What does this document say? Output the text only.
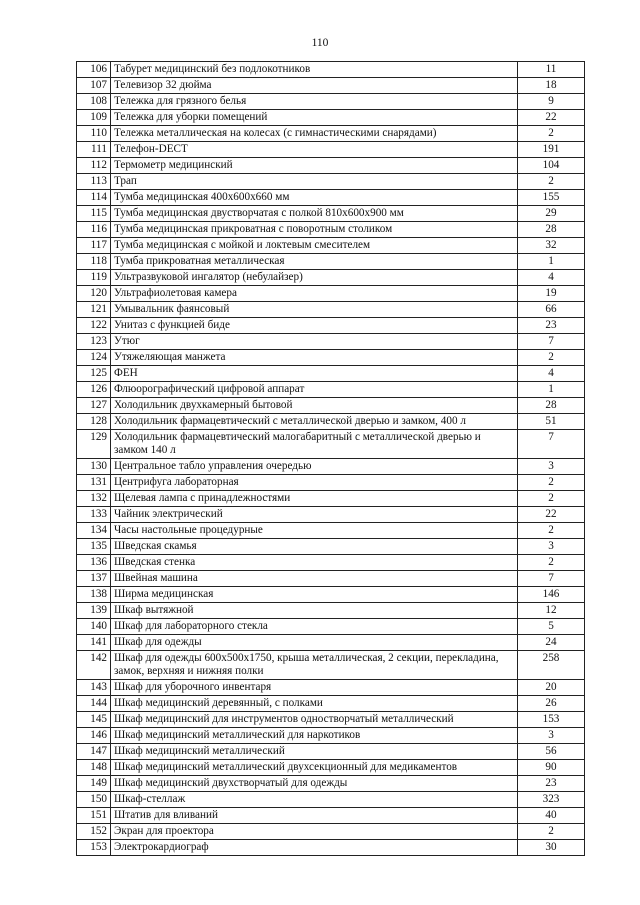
110
106	Табурет медицинский без подлокотников	11
107	Телевизор 32 дюйма	18
108	Тележка для грязного белья	9
109	Тележка для уборки помещений	22
110	Тележка металлическая на колесах (с гимнастическими снарядами)	2
111	Телефон-DECT	191
112	Термометр медицинский	104
113	Трап	2
114	Тумба медицинская 400х600х660 мм	155
115	Тумба медицинская двустворчатая с полкой 810х600х900 мм	29
116	Тумба медицинская прикроватная с поворотным столиком	28
117	Тумба медицинская с мойкой и локтевым смесителем	32
118	Тумба прикроватная металлическая	1
119	Ультразвуковой ингалятор (небулайзер)	4
120	Ультрафиолетовая камера	19
121	Умывальник фаянсовый	66
122	Унитаз с функцией биде	23
123	Утюг	7
124	Утяжеляющая манжета	2
125	ФЕН	4
126	Флюорографический цифровой аппарат	1
127	Холодильник двухкамерный бытовой	28
128	Холодильник фармацевтический с металлической дверью и замком, 400 л	51
129	Холодильник фармацевтический малогабаритный с металлической дверью и замком 140 л	7
130	Центральное табло управления очередью	3
131	Центрифуга лабораторная	2
132	Щелевая лампа с принадлежностями	2
133	Чайник электрический	22
134	Часы настольные процедурные	2
135	Шведская скамья	3
136	Шведская стенка	2
137	Швейная машина	7
138	Ширма медицинская	146
139	Шкаф вытяжной	12
140	Шкаф для лабораторного стекла	5
141	Шкаф для одежды	24
142	Шкаф для одежды 600х500х1750, крыша металлическая, 2 секции, перекладина, замок, верхняя и нижняя полки	258
143	Шкаф для уборочного инвентаря	20
144	Шкаф медицинский деревянный, с полками	26
145	Шкаф медицинский для инструментов одностворчатый металлический	153
146	Шкаф медицинский металлический для наркотиков	3
147	Шкаф медицинский металлический	56
148	Шкаф медицинский металлический двухсекционный для медикаментов	90
149	Шкаф медицинский двухстворчатый для одежды	23
150	Шкаф-стеллаж	323
151	Штатив для вливаний	40
152	Экран для проектора	2
153	Электрокардиограф	30
